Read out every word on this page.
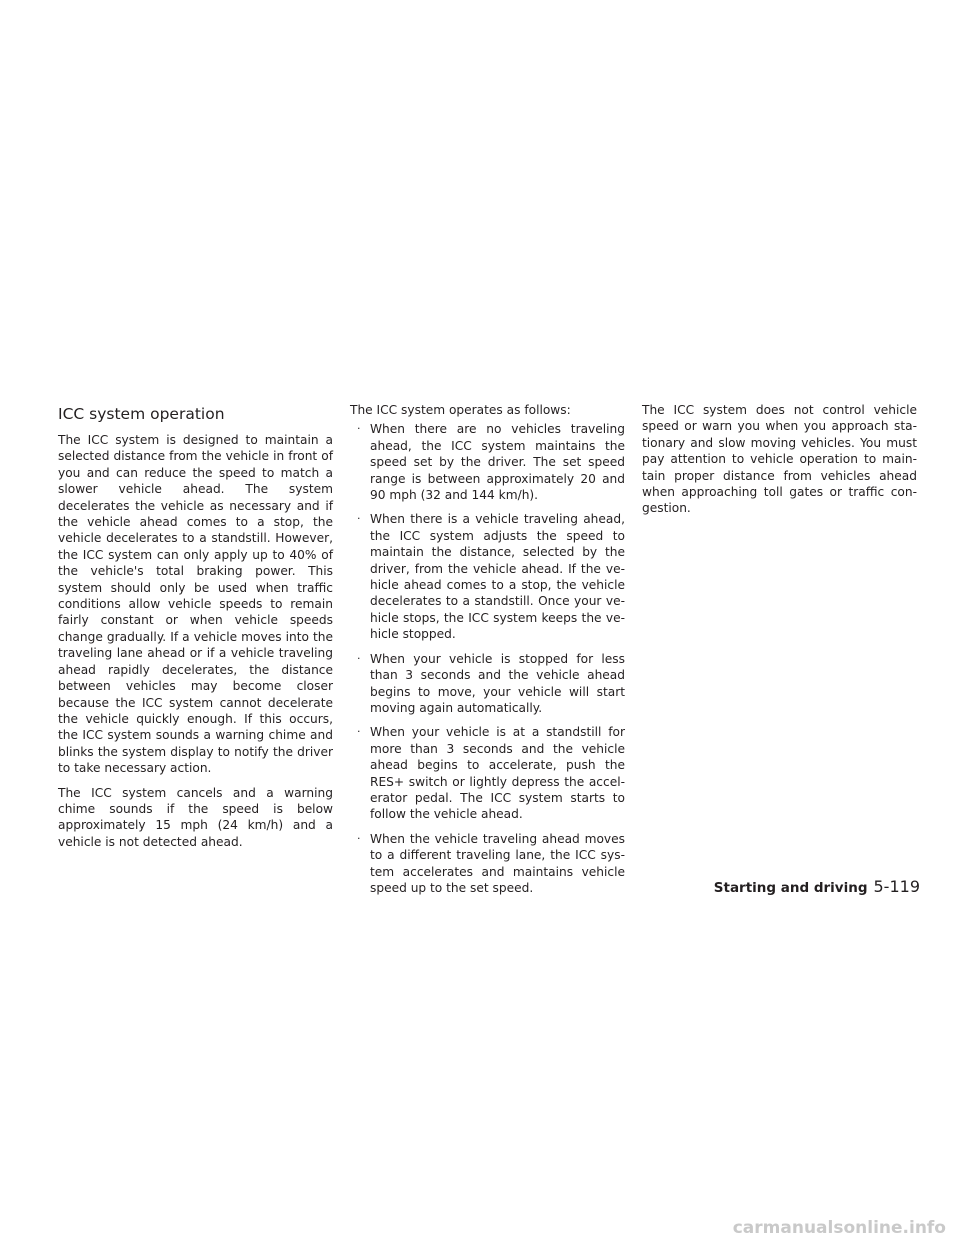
ICC system operation

The ICC system is designed to maintain a selected distance from the vehicle in front of you and can reduce the speed to match a slower vehicle ahead. The system decelerates the vehicle as necessary and if the vehicle ahead comes to a stop, the vehicle decelerates to a standstill. However, the ICC system can only apply up to 40% of the vehicle's total braking power. This system should only be used when traffic conditions allow vehicle speeds to remain fairly constant or when vehicle speeds change gradually. If a vehicle moves into the traveling lane ahead or if a vehicle traveling ahead rapidly decelerates, the distance between vehicles may become closer because the ICC system cannot decelerate the vehicle quickly enough. If this occurs, the ICC system sounds a warning chime and blinks the system display to notify the driver to take necessary action.

The ICC system cancels and a warning chime sounds if the speed is below approximately 15 mph (24 km/h) and a vehicle is not detected ahead.

The ICC system operates as follows:

· When there are no vehicles traveling ahead, the ICC system maintains the speed set by the driver. The set speed range is between approximately 20 and 90 mph (32 and 144 km/h).
· When there is a vehicle traveling ahead, the ICC system adjusts the speed to maintain the distance, selected by the driver, from the vehicle ahead. If the vehicle ahead comes to a stop, the vehicle decelerates to a standstill. Once your vehicle stops, the ICC system keeps the vehicle stopped.
· When your vehicle is stopped for less than 3 seconds and the vehicle ahead begins to move, your vehicle will start moving again automatically.
· When your vehicle is at a standstill for more than 3 seconds and the vehicle ahead begins to accelerate, push the RES+ switch or lightly depress the accelerator pedal. The ICC system starts to follow the vehicle ahead.
· When the vehicle traveling ahead moves to a different traveling lane, the ICC system accelerates and maintains vehicle speed up to the set speed.

The ICC system does not control vehicle speed or warn you when you approach stationary and slow moving vehicles. You must pay attention to vehicle operation to maintain proper distance from vehicles ahead when approaching toll gates or traffic congestion.

Starting and driving 5-119
carmanualsonline.info
